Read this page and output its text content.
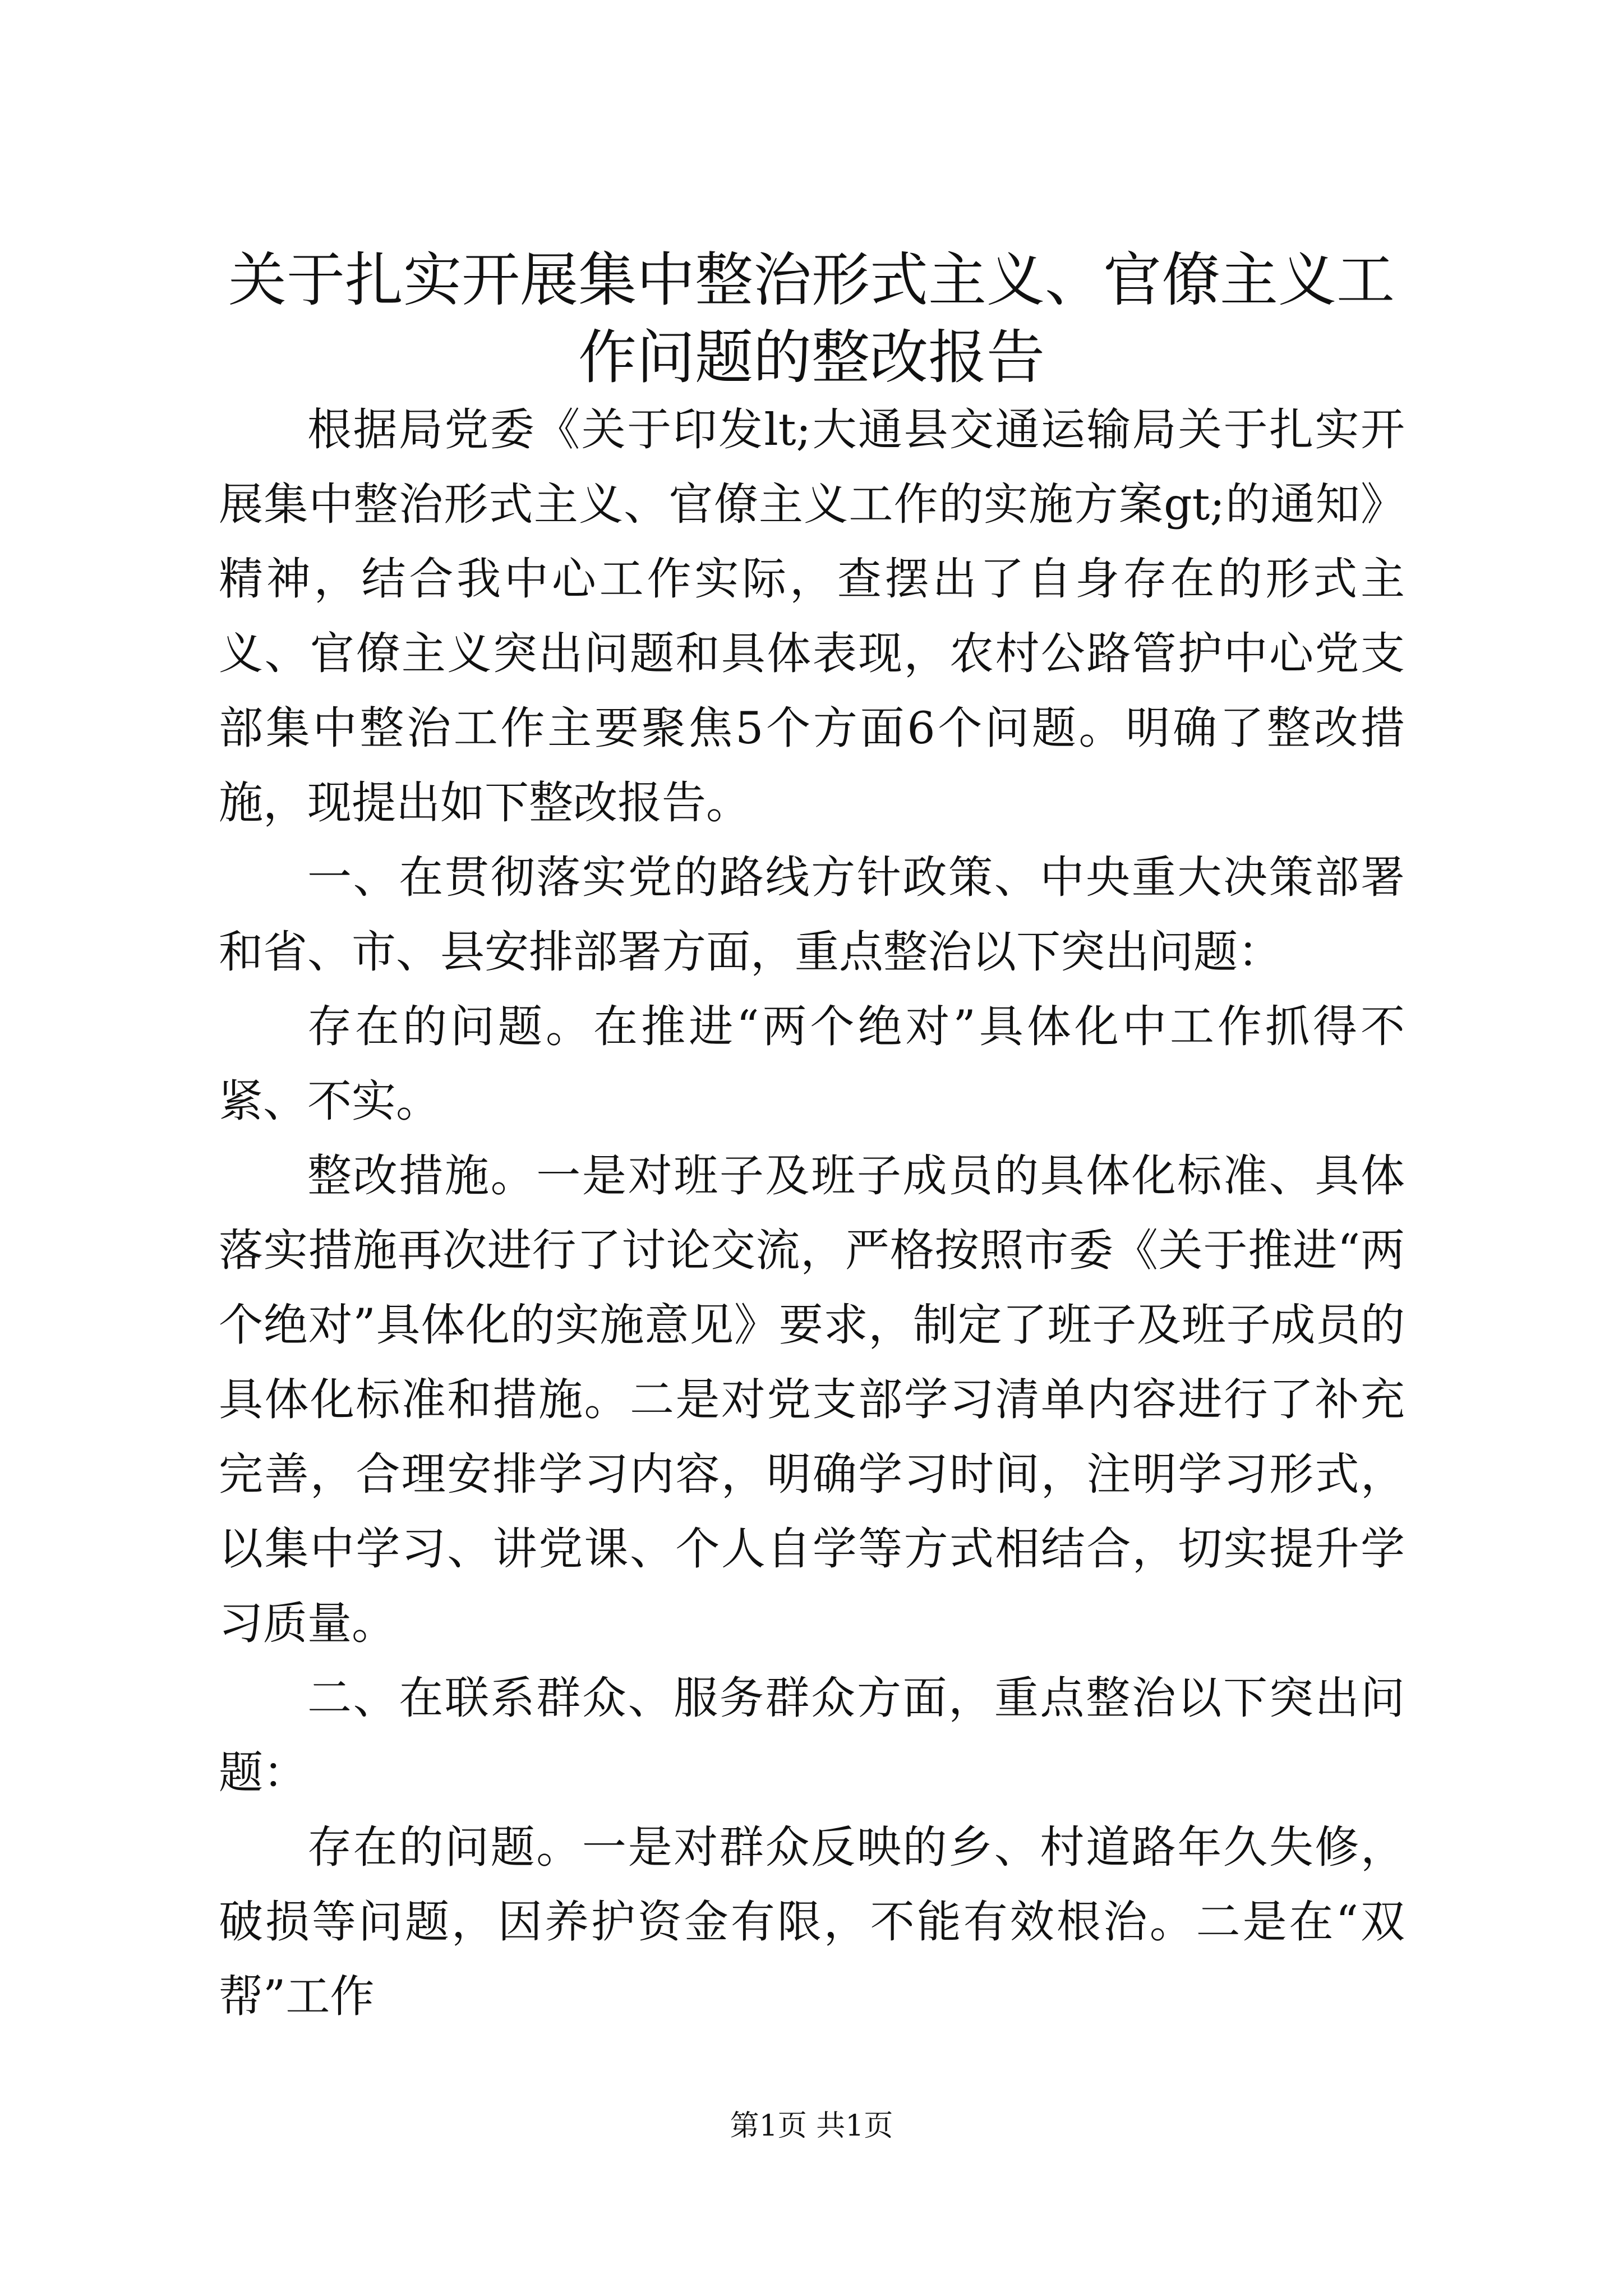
关于扎实开展集中整治形式主义、官僚主义工
作问题的整改报告

根据局党委《关于印发lt;大通县交通运输局关于扎实开展集中整治形式主义、官僚主义工作的实施方案gt;的通知》精神，结合我中心工作实际，查摆出了自身存在的形式主义、官僚主义突出问题和具体表现，农村公路管护中心党支部集中整治工作主要聚焦5个方面6个问题。明确了整改措施，现提出如下整改报告。

一、在贯彻落实党的路线方针政策、中央重大决策部署和省、市、县安排部署方面，重点整治以下突出问题：

存在的问题。在推进“两个绝对”具体化中工作抓得不紧、不实。

整改措施。一是对班子及班子成员的具体化标准、具体落实措施再次进行了讨论交流，严格按照市委《关于推进“两个绝对”具体化的实施意见》要求，制定了班子及班子成员的具体化标准和措施。二是对党支部学习清单内容进行了补充完善，合理安排学习内容，明确学习时间，注明学习形式，以集中学习、讲党课、个人自学等方式相结合，切实提升学习质量。

二、在联系群众、服务群众方面，重点整治以下突出问题：

存在的问题。一是对群众反映的乡、村道路年久失修，破损等问题，因养护资金有限，不能有效根治。二是在“双帮”工作

第1页 共1页
